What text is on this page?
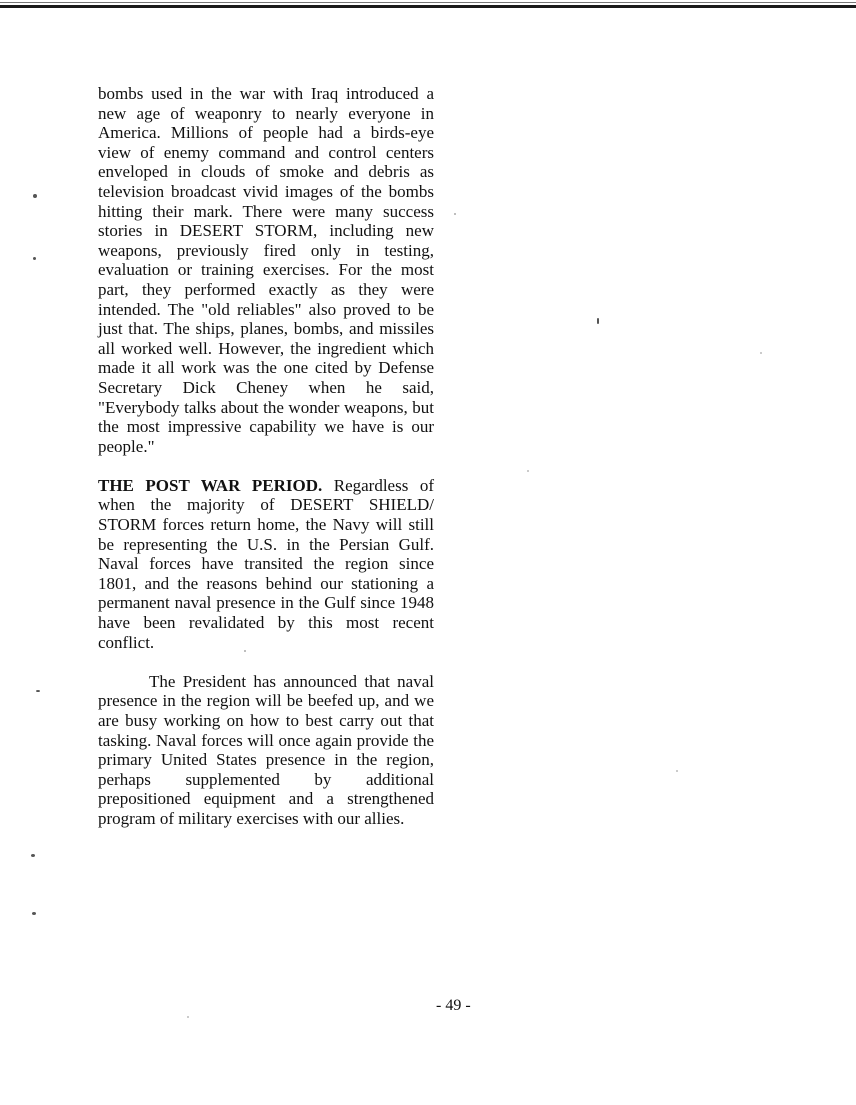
bombs used in the war with Iraq introduced a new age of weaponry to nearly everyone in America. Millions of people had a birds-eye view of enemy command and control centers enveloped in clouds of smoke and debris as television broadcast vivid images of the bombs hitting their mark. There were many success stories in DESERT STORM, including new weapons, previously fired only in testing, evaluation or training exercises. For the most part, they performed exactly as they were intended. The "old reliables" also proved to be just that. The ships, planes, bombs, and missiles all worked well. However, the ingredient which made it all work was the one cited by Defense Secretary Dick Cheney when he said, "Everybody talks about the wonder weapons, but the most impressive capability we have is our people."

THE POST WAR PERIOD. Regardless of when the majority of DESERT SHIELD/ STORM forces return home, the Navy will still be representing the U.S. in the Persian Gulf. Naval forces have transited the region since 1801, and the reasons behind our stationing a permanent naval presence in the Gulf since 1948 have been revalidated by this most recent conflict.

The President has announced that naval presence in the region will be beefed up, and we are busy working on how to best carry out that tasking. Naval forces will once again provide the primary United States presence in the region, perhaps supplemented by additional prepositioned equipment and a strengthened program of military exercises with our allies.

- 49 -
